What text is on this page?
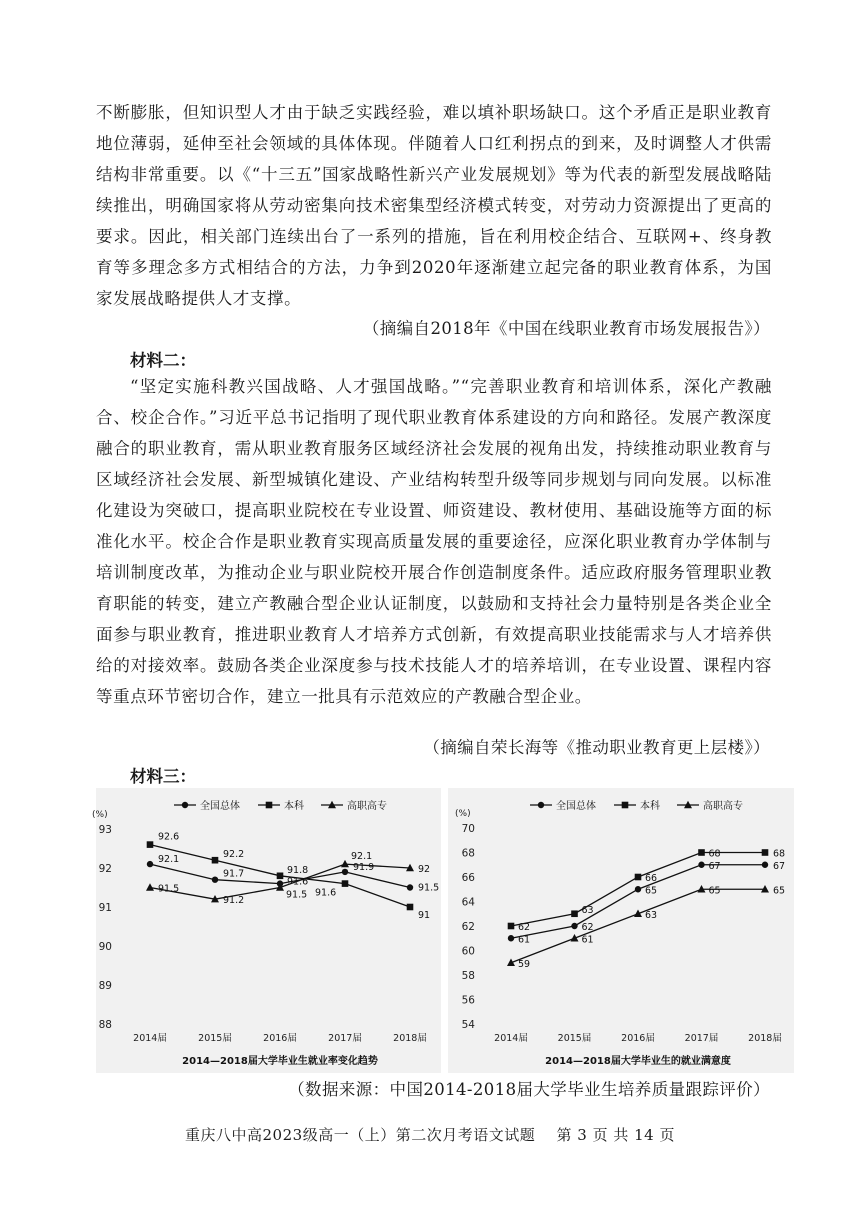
不断膨胀，但知识型人才由于缺乏实践经验，难以填补职场缺口。这个矛盾正是职业教育地位薄弱，延伸至社会领域的具体体现。伴随着人口红利拐点的到来，及时调整人才供需结构非常重要。以《“十三五”国家战略性新兴产业发展规划》等为代表的新型发展战略陆续推出，明确国家将从劳动密集向技术密集型经济模式转变，对劳动力资源提出了更高的要求。因此，相关部门连续出台了一系列的措施，旨在利用校企结合、互联网+、终身教育等多理念多方式相结合的方法，力争到2020年逐渐建立起完备的职业教育体系，为国家发展战略提供人才支撑。

（摘编自2018年《中国在线职业教育市场发展报告》）

材料二：

“坚定实施科教兴国战略、人才强国战略。”“完善职业教育和培训体系，深化产教融合、校企合作。”习近平总书记指明了现代职业教育体系建设的方向和路径。发展产教深度融合的职业教育，需从职业教育服务区域经济社会发展的视角出发，持续推动职业教育与区域经济社会发展、新型城镇化建设、产业结构转型升级等同步规划与同向发展。以标准化建设为突破口，提高职业院校在专业设置、师资建设、教材使用、基础设施等方面的标准化水平。校企合作是职业教育实现高质量发展的重要途径，应深化职业教育办学体制与培训制度改革，为推动企业与职业院校开展合作创造制度条件。适应政府服务管理职业教育职能的转变，建立产教融合型企业认证制度，以鼓励和支持社会力量特别是各类企业全面参与职业教育，推进职业教育人才培养方式创新，有效提高职业技能需求与人才培养供给的对接效率。鼓励各类企业深度参与技术技能人才的培养培训，在专业设置、课程内容等重点环节密切合作，建立一批具有示范效应的产教融合型企业。

（摘编自荣长海等《推动职业教育更上层楼》）

材料三：

(%)
88
89
90
91
92
93
2014届	2015届	2016届	2017届	2018届
全国总体	本科	高职高专
92.1
91.7
91.6
91.9
91.5
92.6
92.2
91.8
91.6
91
91.5
91.2
91.5
92.1
92
2014—2018届大学毕业生就业率变化趋势
(%)
54
56
58
60
62
64
66
68
70
2014届	2015届	2016届	2017届	2018届
全国总体	本科	高职高专
61
62
65
67	67
62
63
66
68	68
59
61
63
65	65
2014—2018届大学毕业生的就业满意度

（数据来源：中国2014-2018届大学毕业生培养质量跟踪评价）

重庆八中高2023级高一（上）第二次月考语文试题 第 3 页 共 14 页
